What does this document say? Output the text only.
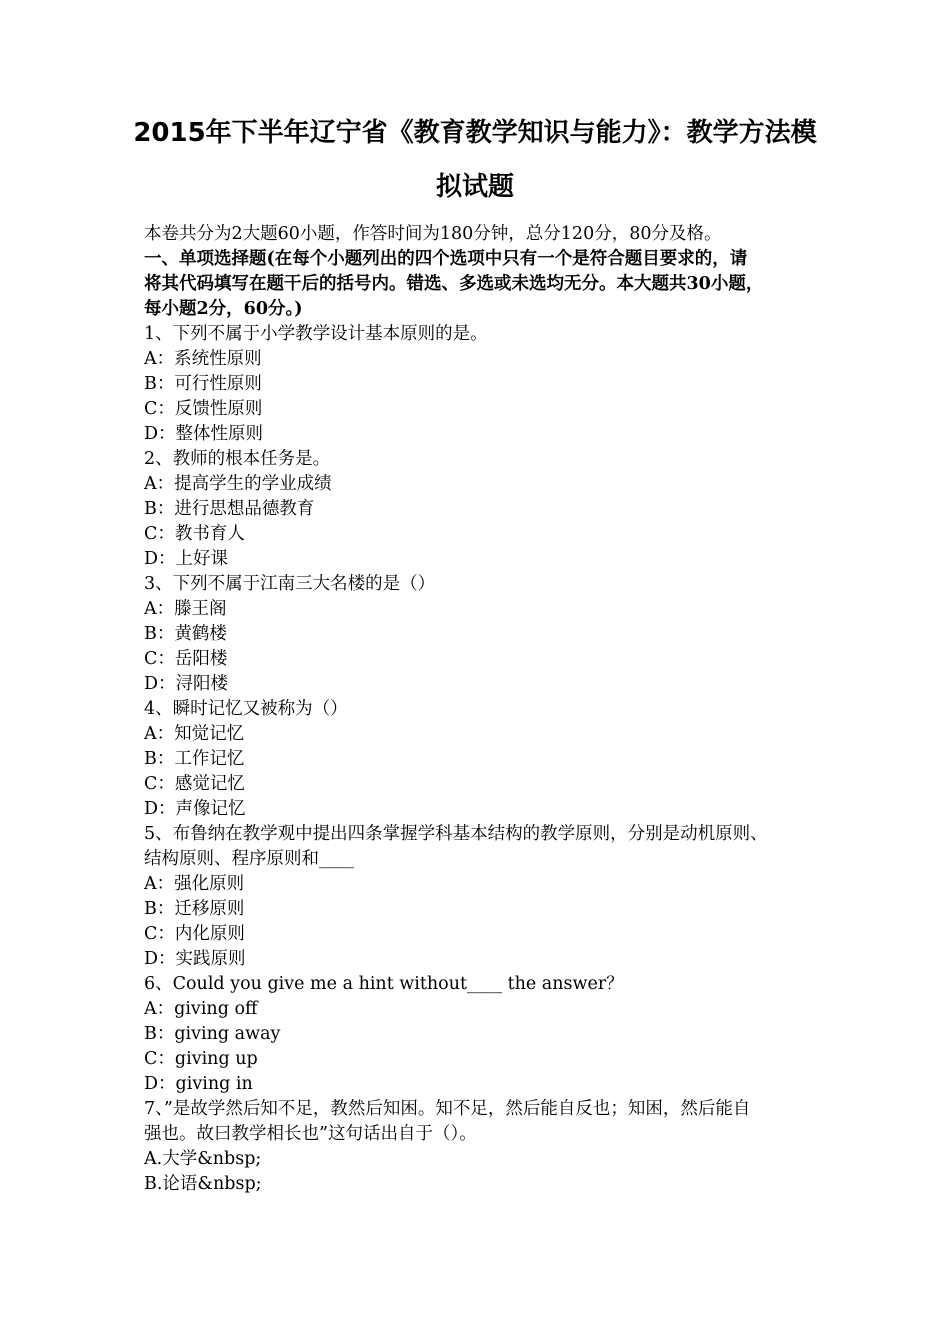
2015年下半年辽宁省《教育教学知识与能力》：教学方法模
拟试题
本卷共分为2大题60小题，作答时间为180分钟，总分120分，80分及格。
一、单项选择题(在每个小题列出的四个选项中只有一个是符合题目要求的，请
将其代码填写在题干后的括号内。错选、多选或未选均无分。本大题共30小题，
每小题2分，60分。)
1、下列不属于小学教学设计基本原则的是。
A：系统性原则
B：可行性原则
C：反馈性原则
D：整体性原则
2、教师的根本任务是。
A：提高学生的学业成绩
B：进行思想品德教育
C：教书育人
D：上好课
3、下列不属于江南三大名楼的是（）
A：滕王阁
B：黄鹤楼
C：岳阳楼
D：浔阳楼
4、瞬时记忆又被称为（）
A：知觉记忆
B：工作记忆
C：感觉记忆
D：声像记忆
5、布鲁纳在教学观中提出四条掌握学科基本结构的教学原则，分别是动机原则、
结构原则、程序原则和____
A：强化原则
B：迁移原则
C：内化原则
D：实践原则
6、Could you give me a hint without____ the answer？
A：giving off
B：giving away
C：giving up
D：giving in
7、”是故学然后知不足，教然后知困。知不足，然后能自反也；知困，然后能自
强也。故曰教学相长也”这句话出自于（）。
A.大学&nbsp;
B.论语&nbsp;
